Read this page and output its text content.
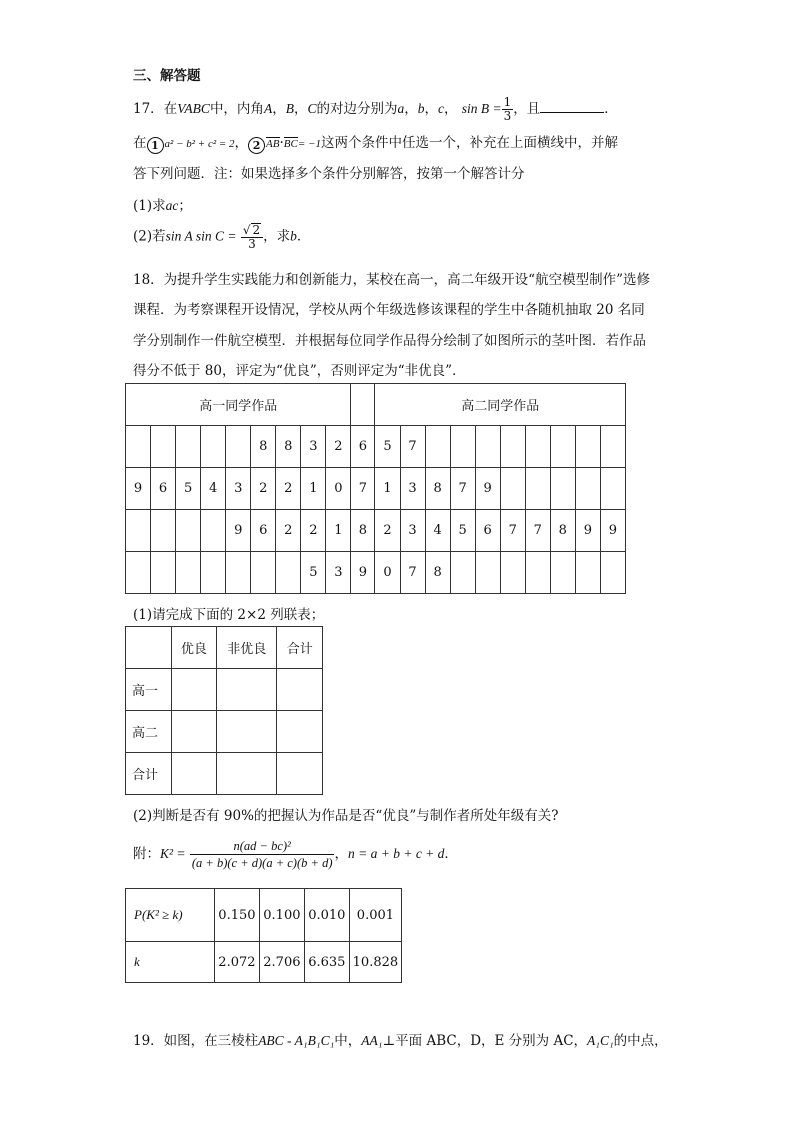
三、解答题
17．在VABC中，内角A，B，C的对边分别为a，b，c， $\sin B = \frac{1}{3}$ ，且	．
在 1 a² − b² + c² = 2， 2 AB·BC= −1这两个条件中任选一个，补充在上面横线中，并解
答下列问题．注：如果选择多个条件分别解答，按第一个解答计分
(1)求ac；
(2)若sin A $\sin C = \frac{√ 2}{3}$ ，求b．
18．为提升学生实践能力和创新能力，某校在高一，高二年级开设“航空模型制作”选修
课程．为考察课程开设情况，学校从两个年级选修该课程的学生中各随机抽取 20 名同
学分别制作一件航空模型．并根据每位同学作品得分绘制了如图所示的茎叶图．若作品
得分不低于 80，评定为“优良”，否则评定为“非优良”．
高一同学作品										高二同学作品									
					8	8	3	2	6	5	7								
9	6	5	4	3	2	2	1	0	7	1	3	8	7	9					
				9	6	2	2	1	8	2	3	4	5	6	7	7	8	9	9
							5	3	9	0	7	8							
(1)请完成下面的 2×2 列联表；
	优良	非优良	合计
高一			
高二			
合计			
(2)判断是否有 90%的把握认为作品是否“优良”与制作者所处年级有关?
附：$K^2 = \frac{\text{n(ad − bc)²}}{(a + b)(c + d)(a + c)(b + d)}$ ，n = a + b + c + d．
P(K² ≥ k)	0.150	0.100	0.010	0.001
k	2.072	2.706	6.635	10.828
19．如图，在三棱柱ABC - A₁B₁C₁中，AA₁⊥平面 ABC，D，E 分别为 AC，A₁C₁的中点，
